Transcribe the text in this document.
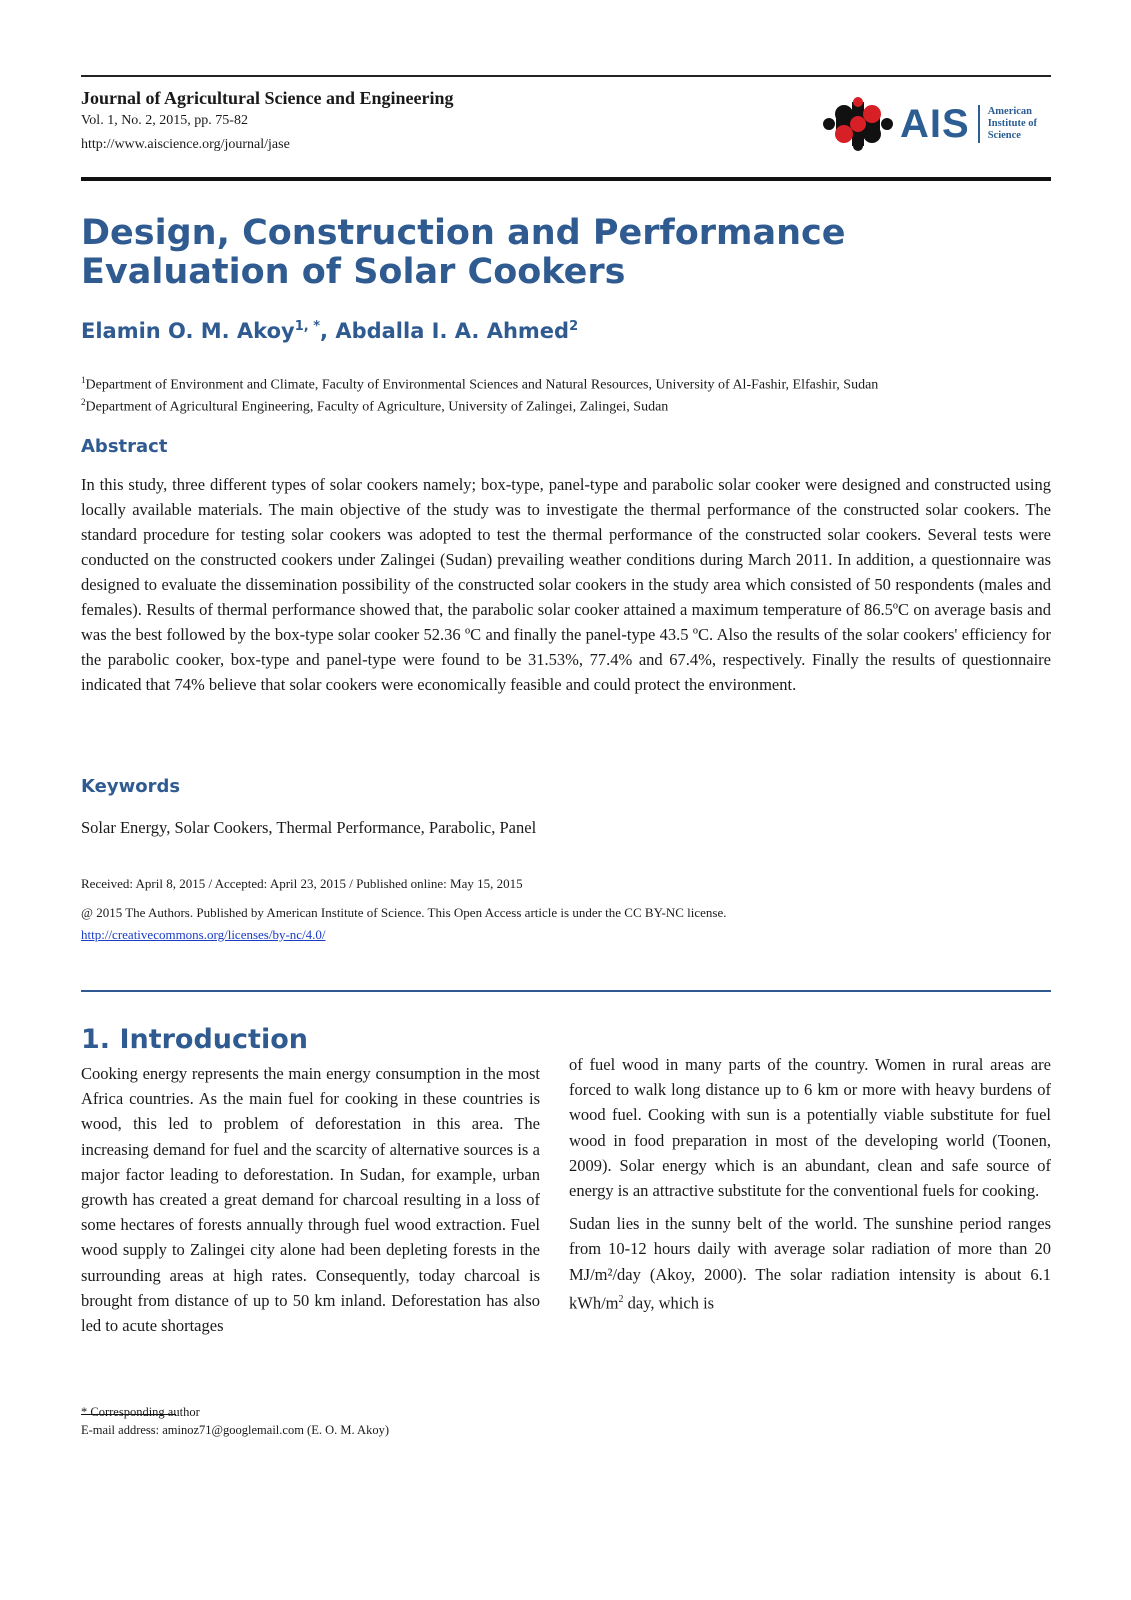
Journal of Agricultural Science and Engineering
Vol. 1, No. 2, 2015, pp. 75-82
http://www.aiscience.org/journal/jase	AIS American
Institute of
Science
Design, Construction and Performance Evaluation of Solar Cookers
Elamin O. M. Akoy$^{1, *}$, Abdalla I. A. Ahmed$^2$
$^1$Department of Environment and Climate, Faculty of Environmental Sciences and Natural Resources, University of Al-Fashir, Elfashir, Sudan
$^2$Department of Agricultural Engineering, Faculty of Agriculture, University of Zalingei, Zalingei, Sudan
Abstract
In this study, three different types of solar cookers namely; box-type, panel-type and parabolic solar cooker were designed and constructed using locally available materials. The main objective of the study was to investigate the thermal performance of the constructed solar cookers. The standard procedure for testing solar cookers was adopted to test the thermal performance of the constructed solar cookers. Several tests were conducted on the constructed cookers under Zalingei (Sudan) prevailing weather conditions during March 2011. In addition, a questionnaire was designed to evaluate the dissemination possibility of the constructed solar cookers in the study area which consisted of 50 respondents (males and females). Results of thermal performance showed that, the parabolic solar cooker attained a maximum temperature of 86.5ºC on average basis and was the best followed by the box-type solar cooker 52.36 ºC and finally the panel-type 43.5 ºC. Also the results of the solar cookers' efficiency for the parabolic cooker, box-type and panel-type were found to be 31.53%, 77.4% and 67.4%, respectively. Finally the results of questionnaire indicated that 74% believe that solar cookers were economically feasible and could protect the environment.
Keywords
Solar Energy, Solar Cookers, Thermal Performance, Parabolic, Panel
Received: April 8, 2015 / Accepted: April 23, 2015 / Published online: May 15, 2015
@ 2015 The Authors. Published by American Institute of Science. This Open Access article is under the CC BY-NC license.
http://creativecommons.org/licenses/by-nc/4.0/
1. Introduction

Cooking energy represents the main energy consumption in the most Africa countries. As the main fuel for cooking in these countries is wood, this led to problem of deforestation in this area. The increasing demand for fuel and the scarcity of alternative sources is a major factor leading to deforestation. In Sudan, for example, urban growth has created a great demand for charcoal resulting in a loss of some hectares of forests annually through fuel wood extraction. Fuel wood supply to Zalingei city alone had been depleting forests in the surrounding areas at high rates. Consequently, today charcoal is brought from distance of up to 50 km inland. Deforestation has also led to acute shortages

of fuel wood in many parts of the country. Women in rural areas are forced to walk long distance up to 6 km or more with heavy burdens of wood fuel. Cooking with sun is a potentially viable substitute for fuel wood in food preparation in most of the developing world (Toonen, 2009). Solar energy which is an abundant, clean and safe source of energy is an attractive substitute for the conventional fuels for cooking.

Sudan lies in the sunny belt of the world. The sunshine period ranges from 10-12 hours daily with average solar radiation of more than 20 MJ/m²/day (Akoy, 2000). The solar radiation intensity is about 6.1 kWh/$m^2$ day, which is

* Corresponding author
E-mail address: aminoz71@googlemail.com (E. O. M. Akoy)
